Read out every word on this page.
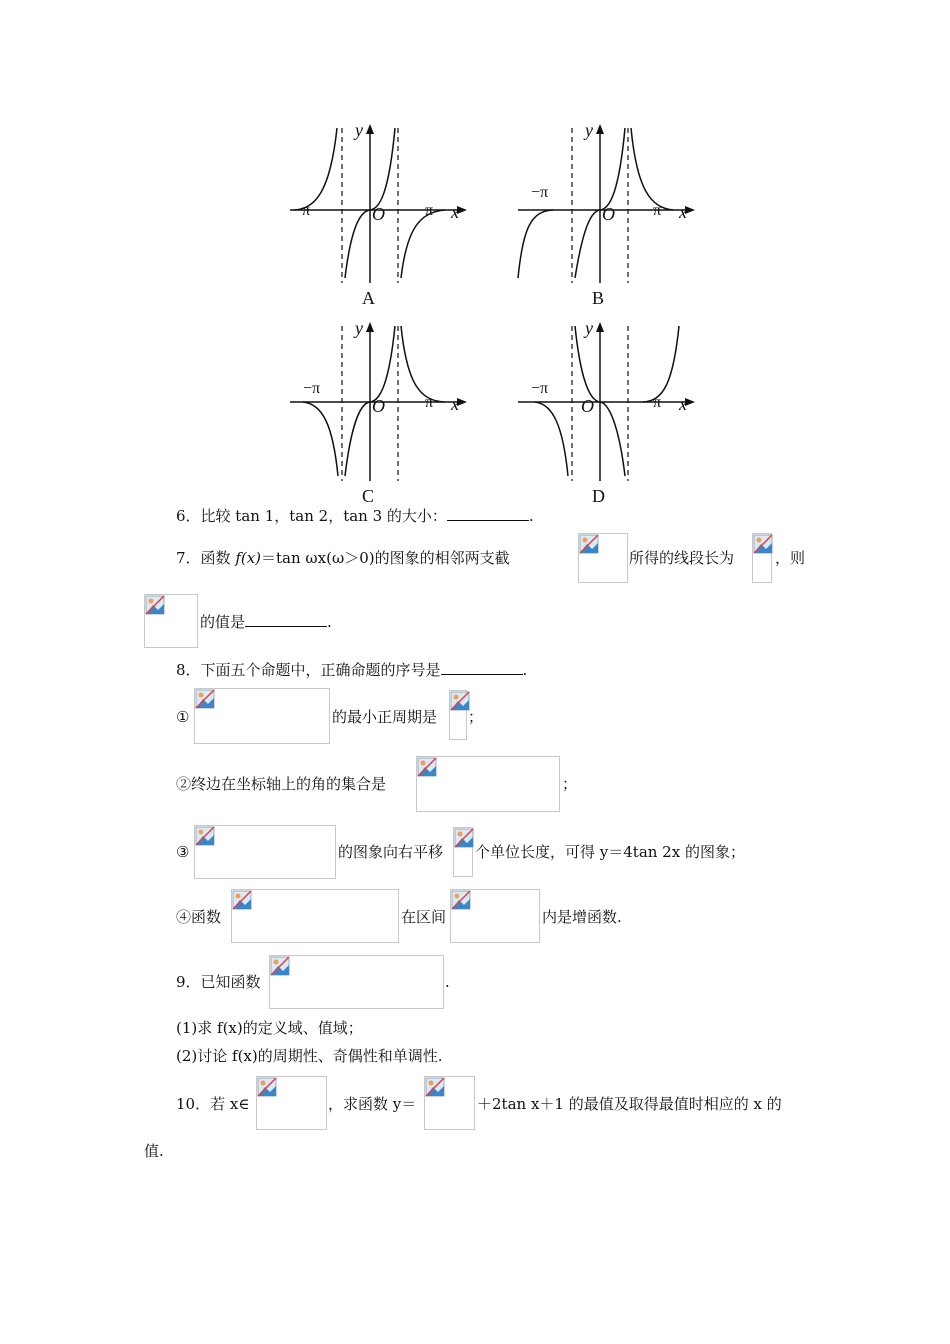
−π	O	π x
y
A
−π
O π x
y
B
−π
O	π x
y
C
−π
O	π x
y
D
6．比较 tan 1，tan 2，tan 3 的大小：	.
7．函数 f(x)＝tan ωx(ω＞0)的图象的相邻两支截	所得的线段长为	，则
的值是	.
8．下面五个命题中，正确命题的序号是	.
①	的最小正周期是 ；
②终边在坐标轴上的角的集合是	；
③	的图象向右平移 个单位长度，可得 y＝4tan 2x 的图象；
④函数	在区间	内是增函数.
9．已知函数	.
(1)求 f(x)的定义域、值域；
(2)讨论 f(x)的周期性、奇偶性和单调性.
10．若 x∈	，求函数 y＝	＋2tan x＋1 的最值及取得最值时相应的 x 的
值.
